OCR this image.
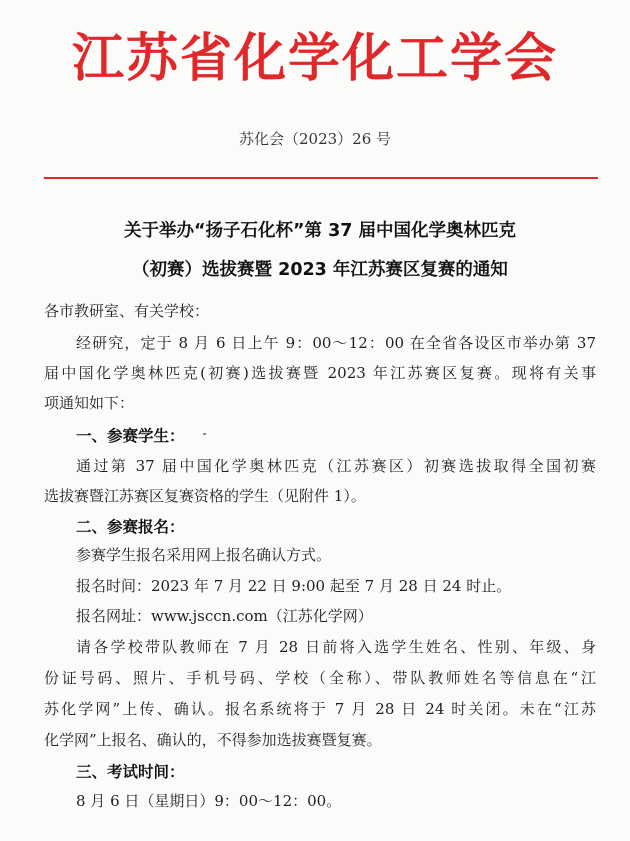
江苏省化学化工学会
苏化会（2023）26 号
关于举办“扬子石化杯”第 37 届中国化学奥林匹克
（初赛）选拔赛暨 2023 年江苏赛区复赛的通知
各市教研室、有关学校：
经研究，定于 8 月 6 日上午 9：00～12：00 在全省各设区市举办第 37
届中国化学奥林匹克(初赛)选拔赛暨 2023 年江苏赛区复赛。现将有关事
项通知如下：
一、参赛学生：
通过第 37 届中国化学奥林匹克（江苏赛区）初赛选拔取得全国初赛
选拔赛暨江苏赛区复赛资格的学生（见附件 1）。
二、参赛报名：
参赛学生报名采用网上报名确认方式。
报名时间：2023 年 7 月 22 日 9:00 起至 7 月 28 日 24 时止。
报名网址：www.jsccn.com（江苏化学网）
请各学校带队教师在 7 月 28 日前将入选学生姓名、性别、年级、身
份证号码、照片、手机号码、学校（全称）、带队教师姓名等信息在“江
苏化学网”上传、确认。报名系统将于 7 月 28 日 24 时关闭。未在“江苏
化学网”上报名、确认的，不得参加选拔赛暨复赛。
三、考试时间：
8 月 6 日（星期日）9：00～12：00。
